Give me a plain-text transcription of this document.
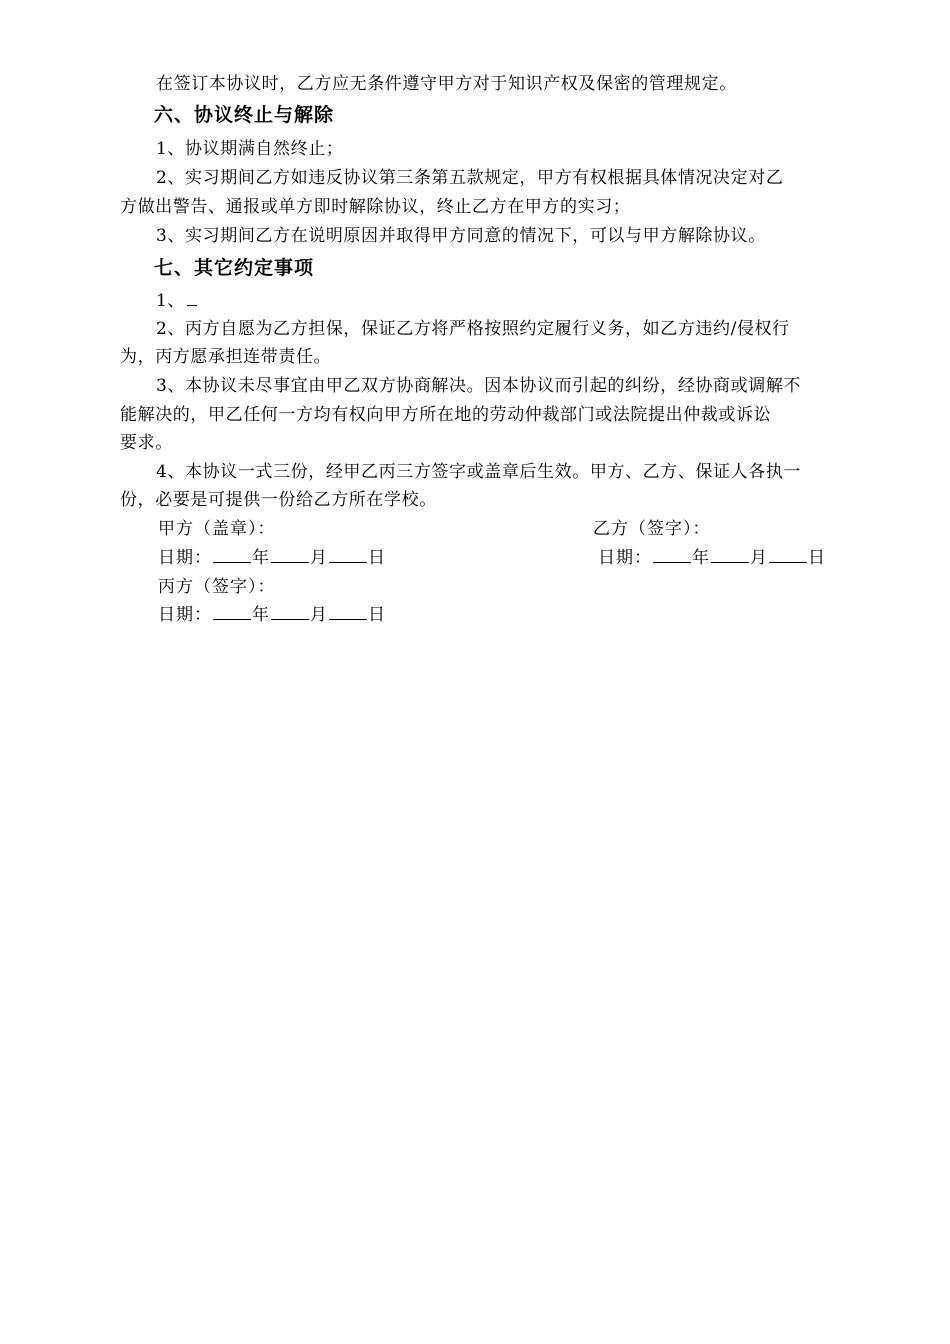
在签订本协议时，乙方应无条件遵守甲方对于知识产权及保密的管理规定。
六、协议终止与解除
1、协议期满自然终止；
2、实习期间乙方如违反协议第三条第五款规定，甲方有权根据具体情况决定对乙
方做出警告、通报或单方即时解除协议，终止乙方在甲方的实习；
3、实习期间乙方在说明原因并取得甲方同意的情况下，可以与甲方解除协议。
七、其它约定事项
1、
2、丙方自愿为乙方担保，保证乙方将严格按照约定履行义务，如乙方违约/侵权行
为，丙方愿承担连带责任。
3、本协议未尽事宜由甲乙双方协商解决。因本协议而引起的纠纷，经协商或调解不
能解决的，甲乙任何一方均有权向甲方所在地的劳动仲裁部门或法院提出仲裁或诉讼
要求。
4、本协议一式三份，经甲乙丙三方签字或盖章后生效。甲方、乙方、保证人各执一
份，必要是可提供一份给乙方所在学校。
甲方（盖章）：	乙方（签字）：
日期： 年 月 日	日期： 年 月 日
丙方（签字）：
日期： 年 月 日
